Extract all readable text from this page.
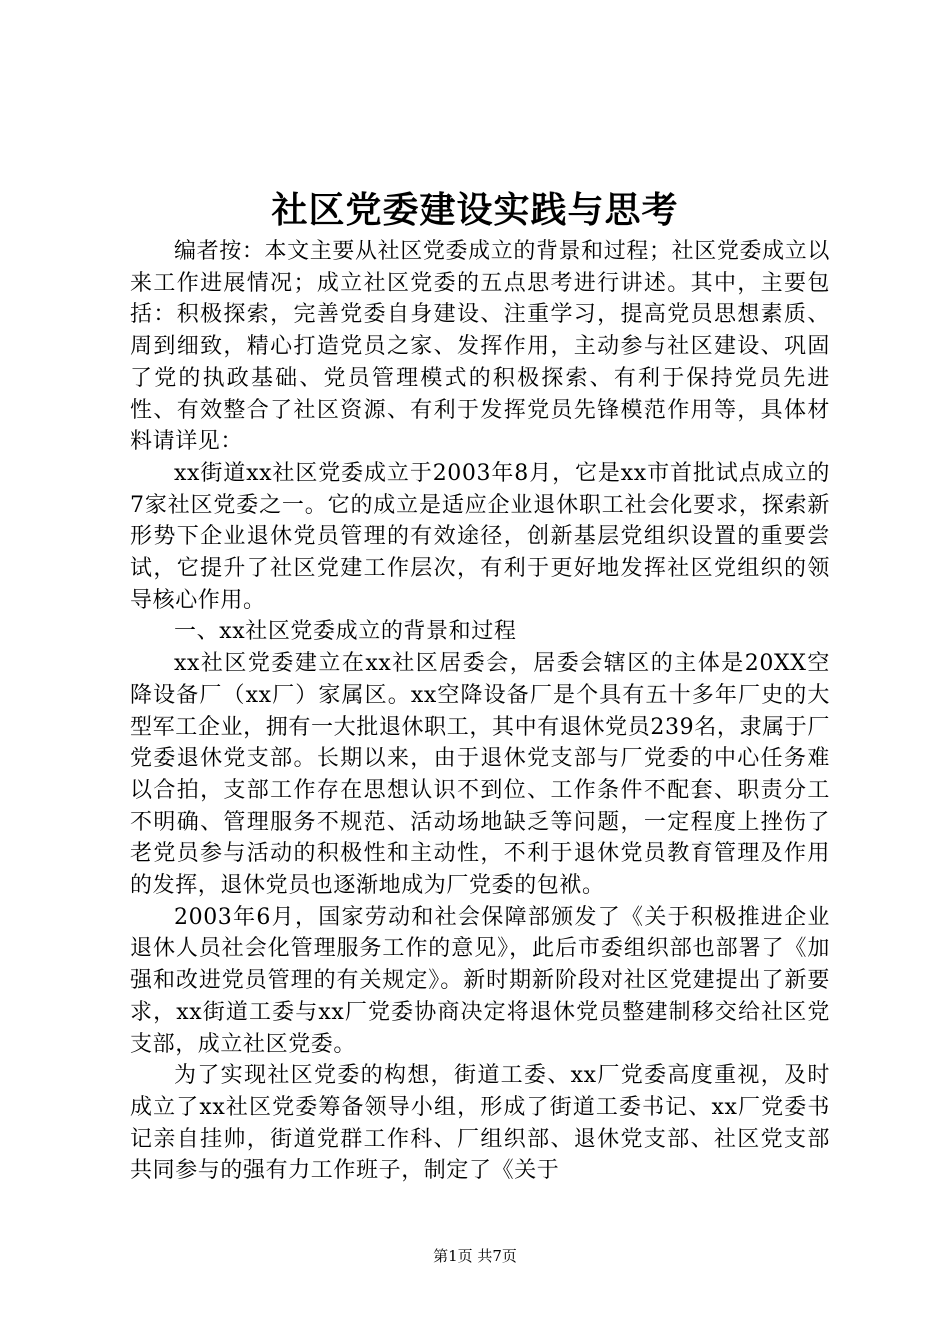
社区党委建设实践与思考

编者按：本文主要从社区党委成立的背景和过程；社区党委成立以来工作进展情况；成立社区党委的五点思考进行讲述。其中，主要包括：积极探索，完善党委自身建设、注重学习，提高党员思想素质、周到细致，精心打造党员之家、发挥作用，主动参与社区建设、巩固了党的执政基础、党员管理模式的积极探索、有利于保持党员先进性、有效整合了社区资源、有利于发挥党员先锋模范作用等，具体材料请详见：

xx街道xx社区党委成立于2003年8月，它是xx市首批试点成立的7家社区党委之一。它的成立是适应企业退休职工社会化要求，探索新形势下企业退休党员管理的有效途径，创新基层党组织设置的重要尝试，它提升了社区党建工作层次，有利于更好地发挥社区党组织的领导核心作用。

一、xx社区党委成立的背景和过程

xx社区党委建立在xx社区居委会，居委会辖区的主体是20XX空降设备厂（xx厂）家属区。xx空降设备厂是个具有五十多年厂史的大型军工企业，拥有一大批退休职工，其中有退休党员239名，隶属于厂党委退休党支部。长期以来，由于退休党支部与厂党委的中心任务难以合拍，支部工作存在思想认识不到位、工作条件不配套、职责分工不明确、管理服务不规范、活动场地缺乏等问题，一定程度上挫伤了老党员参与活动的积极性和主动性，不利于退休党员教育管理及作用的发挥，退休党员也逐渐地成为厂党委的包袱。

2003年6月，国家劳动和社会保障部颁发了《关于积极推进企业退休人员社会化管理服务工作的意见》，此后市委组织部也部署了《加强和改进党员管理的有关规定》。新时期新阶段对社区党建提出了新要求，xx街道工委与xx厂党委协商决定将退休党员整建制移交给社区党支部，成立社区党委。

为了实现社区党委的构想，街道工委、xx厂党委高度重视，及时成立了xx社区党委筹备领导小组，形成了街道工委书记、xx厂党委书记亲自挂帅，街道党群工作科、厂组织部、退休党支部、社区党支部共同参与的强有力工作班子，制定了《关于

第1页 共7页
